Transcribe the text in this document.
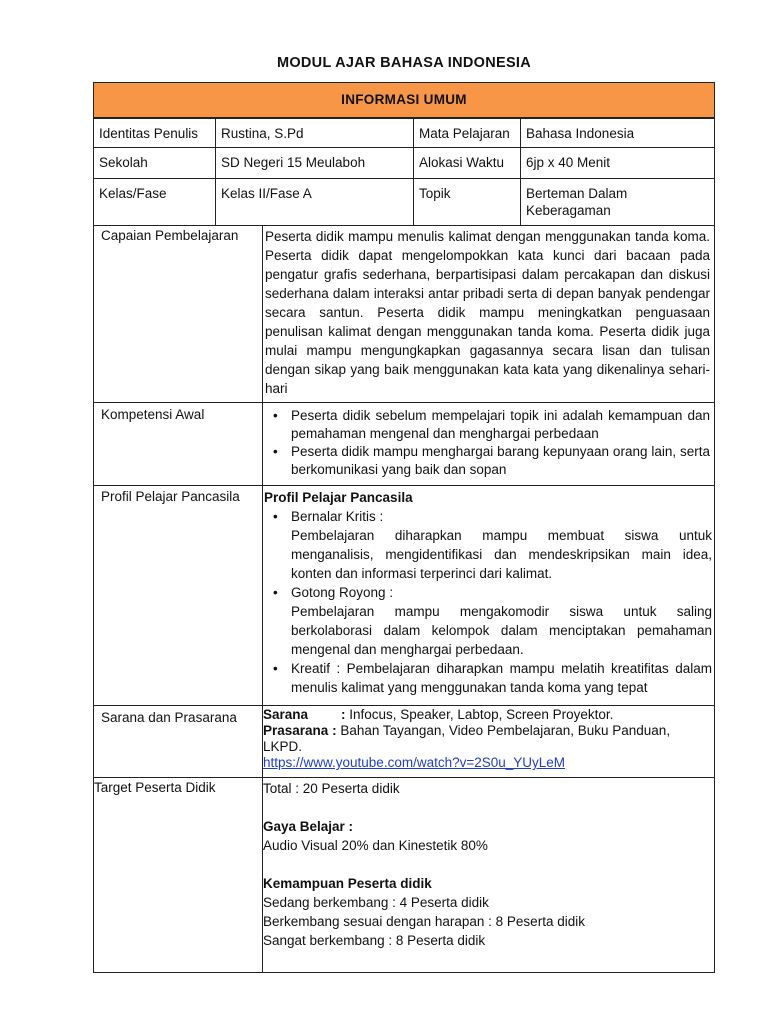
MODUL AJAR BAHASA INDONESIA
INFORMASI UMUM
Identitas Penulis	Rustina, S.Pd	Mata Pelajaran	Bahasa Indonesia
Sekolah	SD Negeri 15 Meulaboh	Alokasi Waktu	6jp x 40 Menit
Kelas/Fase	Kelas II/Fase A	Topik	Berteman Dalam Keberagaman
Capaian Pembelajaran	Peserta didik mampu menulis kalimat dengan menggunakan tanda koma. Peserta didik dapat mengelompokkan kata kunci dari bacaan pada pengatur grafis sederhana, berpartisipasi dalam percakapan dan diskusi sederhana dalam interaksi antar pribadi serta di depan banyak pendengar secara santun. Peserta didik mampu meningkatkan penguasaan penulisan kalimat dengan menggunakan tanda koma. Peserta didik juga mulai mampu mengungkapkan gagasannya secara lisan dan tulisan dengan sikap yang baik menggunakan kata kata yang dikenalinya sehari-hari
Kompetensi Awal
•	Peserta didik sebelum mempelajari topik ini adalah kemampuan dan pemahaman mengenal dan menghargai perbedaan
• Peserta didik mampu menghargai barang kepunyaan orang lain, serta berkomunikasi yang baik dan sopan
Profil Pelajar Pancasila	Profil Pelajar Pancasila
• Bernalar Kritis :
Pembelajaran diharapkan mampu membuat siswa untuk menganalisis, mengidentifikasi dan mendeskripsikan main idea, konten dan informasi terperinci dari kalimat.
• Gotong Royong :
Pembelajaran mampu mengakomodir siswa untuk saling berkolaborasi dalam kelompok dalam menciptakan pemahaman mengenal dan menghargai perbedaan.
• Kreatif : Pembelajaran diharapkan mampu melatih kreatifitas dalam menulis kalimat yang menggunakan tanda koma yang tepat
Sarana dan Prasarana	Sarana : Infocus, Speaker, Labtop, Screen Proyektor.
Prasarana : Bahan Tayangan, Video Pembelajaran, Buku Panduan, LKPD.
https://www.youtube.com/watch?v=2S0u_YUyLeM
Target Peserta Didik	Total : 20 Peserta didik
Gaya Belajar :
Audio Visual 20% dan Kinestetik 80%
Kemampuan Peserta didik
Sedang berkembang : 4 Peserta didik
Berkembang sesuai dengan harapan : 8 Peserta didik
Sangat berkembang : 8 Peserta didik
